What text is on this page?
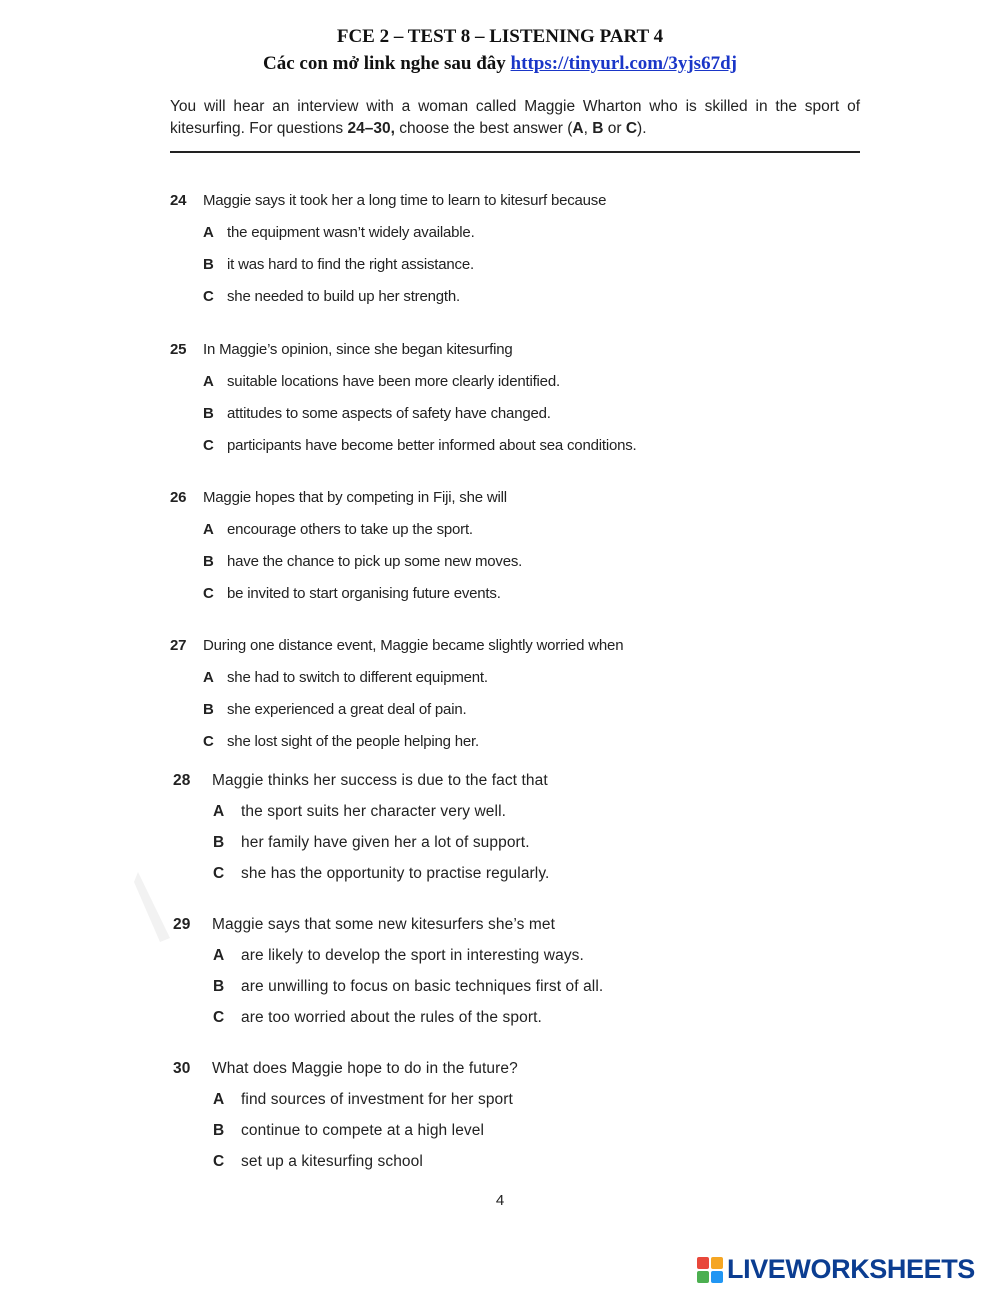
FCE 2 – TEST 8 – LISTENING PART 4
Các con mở link nghe sau đây https://tinyurl.com/3yjs67dj
You will hear an interview with a woman called Maggie Wharton who is skilled in the sport of kitesurfing. For questions 24–30, choose the best answer (A, B or C).
24 Maggie says it took her a long time to learn to kitesurf because
A the equipment wasn’t widely available.
B it was hard to find the right assistance.
C she needed to build up her strength.
25 In Maggie’s opinion, since she began kitesurfing
A suitable locations have been more clearly identified.
B attitudes to some aspects of safety have changed.
C participants have become better informed about sea conditions.
26 Maggie hopes that by competing in Fiji, she will
A encourage others to take up the sport.
B have the chance to pick up some new moves.
C be invited to start organising future events.
27 During one distance event, Maggie became slightly worried when
A she had to switch to different equipment.
B she experienced a great deal of pain.
C she lost sight of the people helping her.
28 Maggie thinks her success is due to the fact that
A the sport suits her character very well.
B her family have given her a lot of support.
C she has the opportunity to practise regularly.
29 Maggie says that some new kitesurfers she’s met
A are likely to develop the sport in interesting ways.
B are unwilling to focus on basic techniques first of all.
C are too worried about the rules of the sport.
30 What does Maggie hope to do in the future?
A find sources of investment for her sport
B continue to compete at a high level
C set up a kitesurfing school
4
LIVEWORKSHEETS
